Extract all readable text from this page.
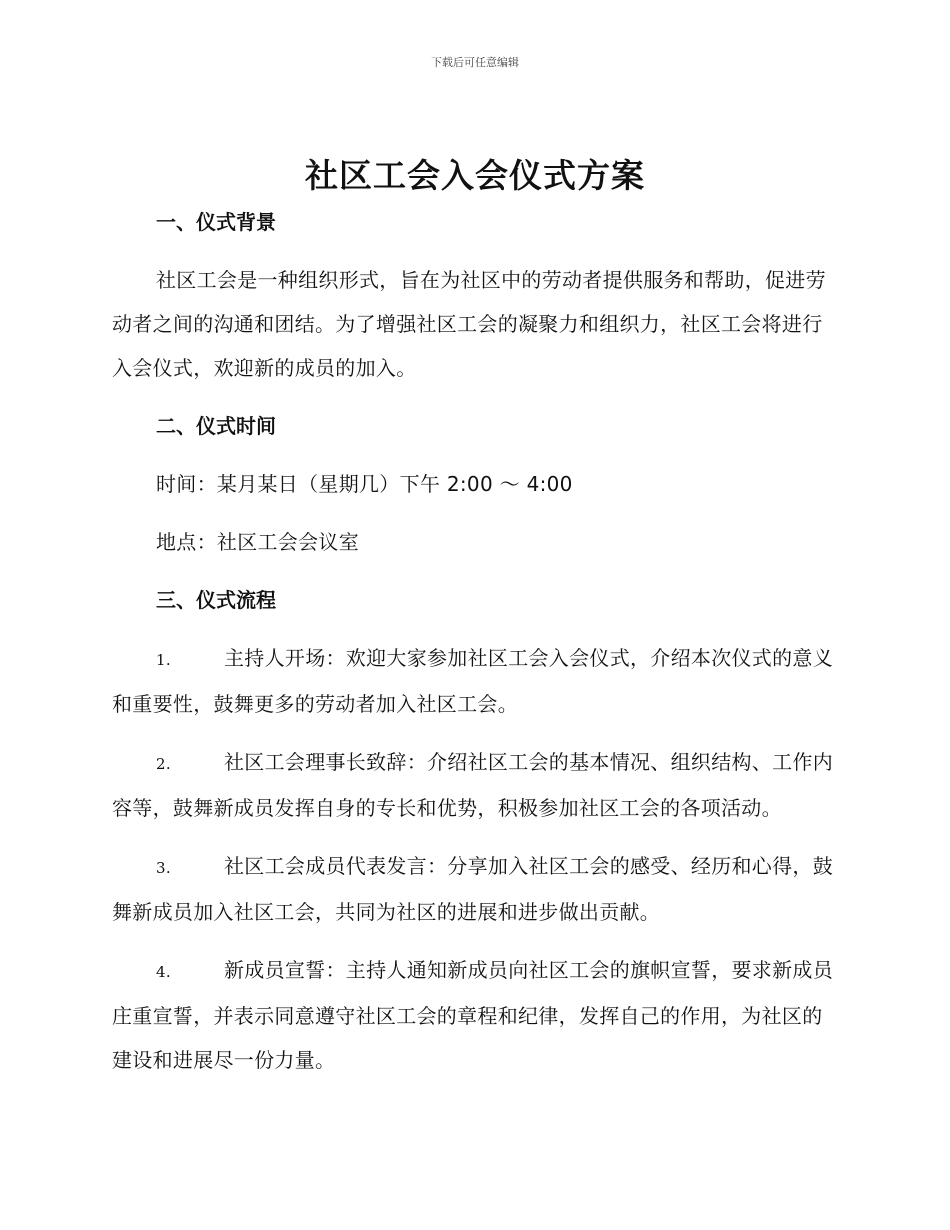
下载后可任意编辑
社区工会入会仪式方案

一、仪式背景

社区工会是一种组织形式，旨在为社区中的劳动者提供服务和帮助，促进劳动者之间的沟通和团结。为了增强社区工会的凝聚力和组织力，社区工会将进行入会仪式，欢迎新的成员的加入。

二、仪式时间

时间：某月某日（星期几）下午 2:00 ～ 4:00

地点：社区工会会议室

三、仪式流程

1.	主持人开场：欢迎大家参加社区工会入会仪式，介绍本次仪式的意义和重要性，鼓舞更多的劳动者加入社区工会。

2.	社区工会理事长致辞：介绍社区工会的基本情况、组织结构、工作内容等，鼓舞新成员发挥自身的专长和优势，积极参加社区工会的各项活动。

3.	社区工会成员代表发言：分享加入社区工会的感受、经历和心得，鼓舞新成员加入社区工会，共同为社区的进展和进步做出贡献。

4.	新成员宣誓：主持人通知新成员向社区工会的旗帜宣誓，要求新成员庄重宣誓，并表示同意遵守社区工会的章程和纪律，发挥自己的作用，为社区的建设和进展尽一份力量。
